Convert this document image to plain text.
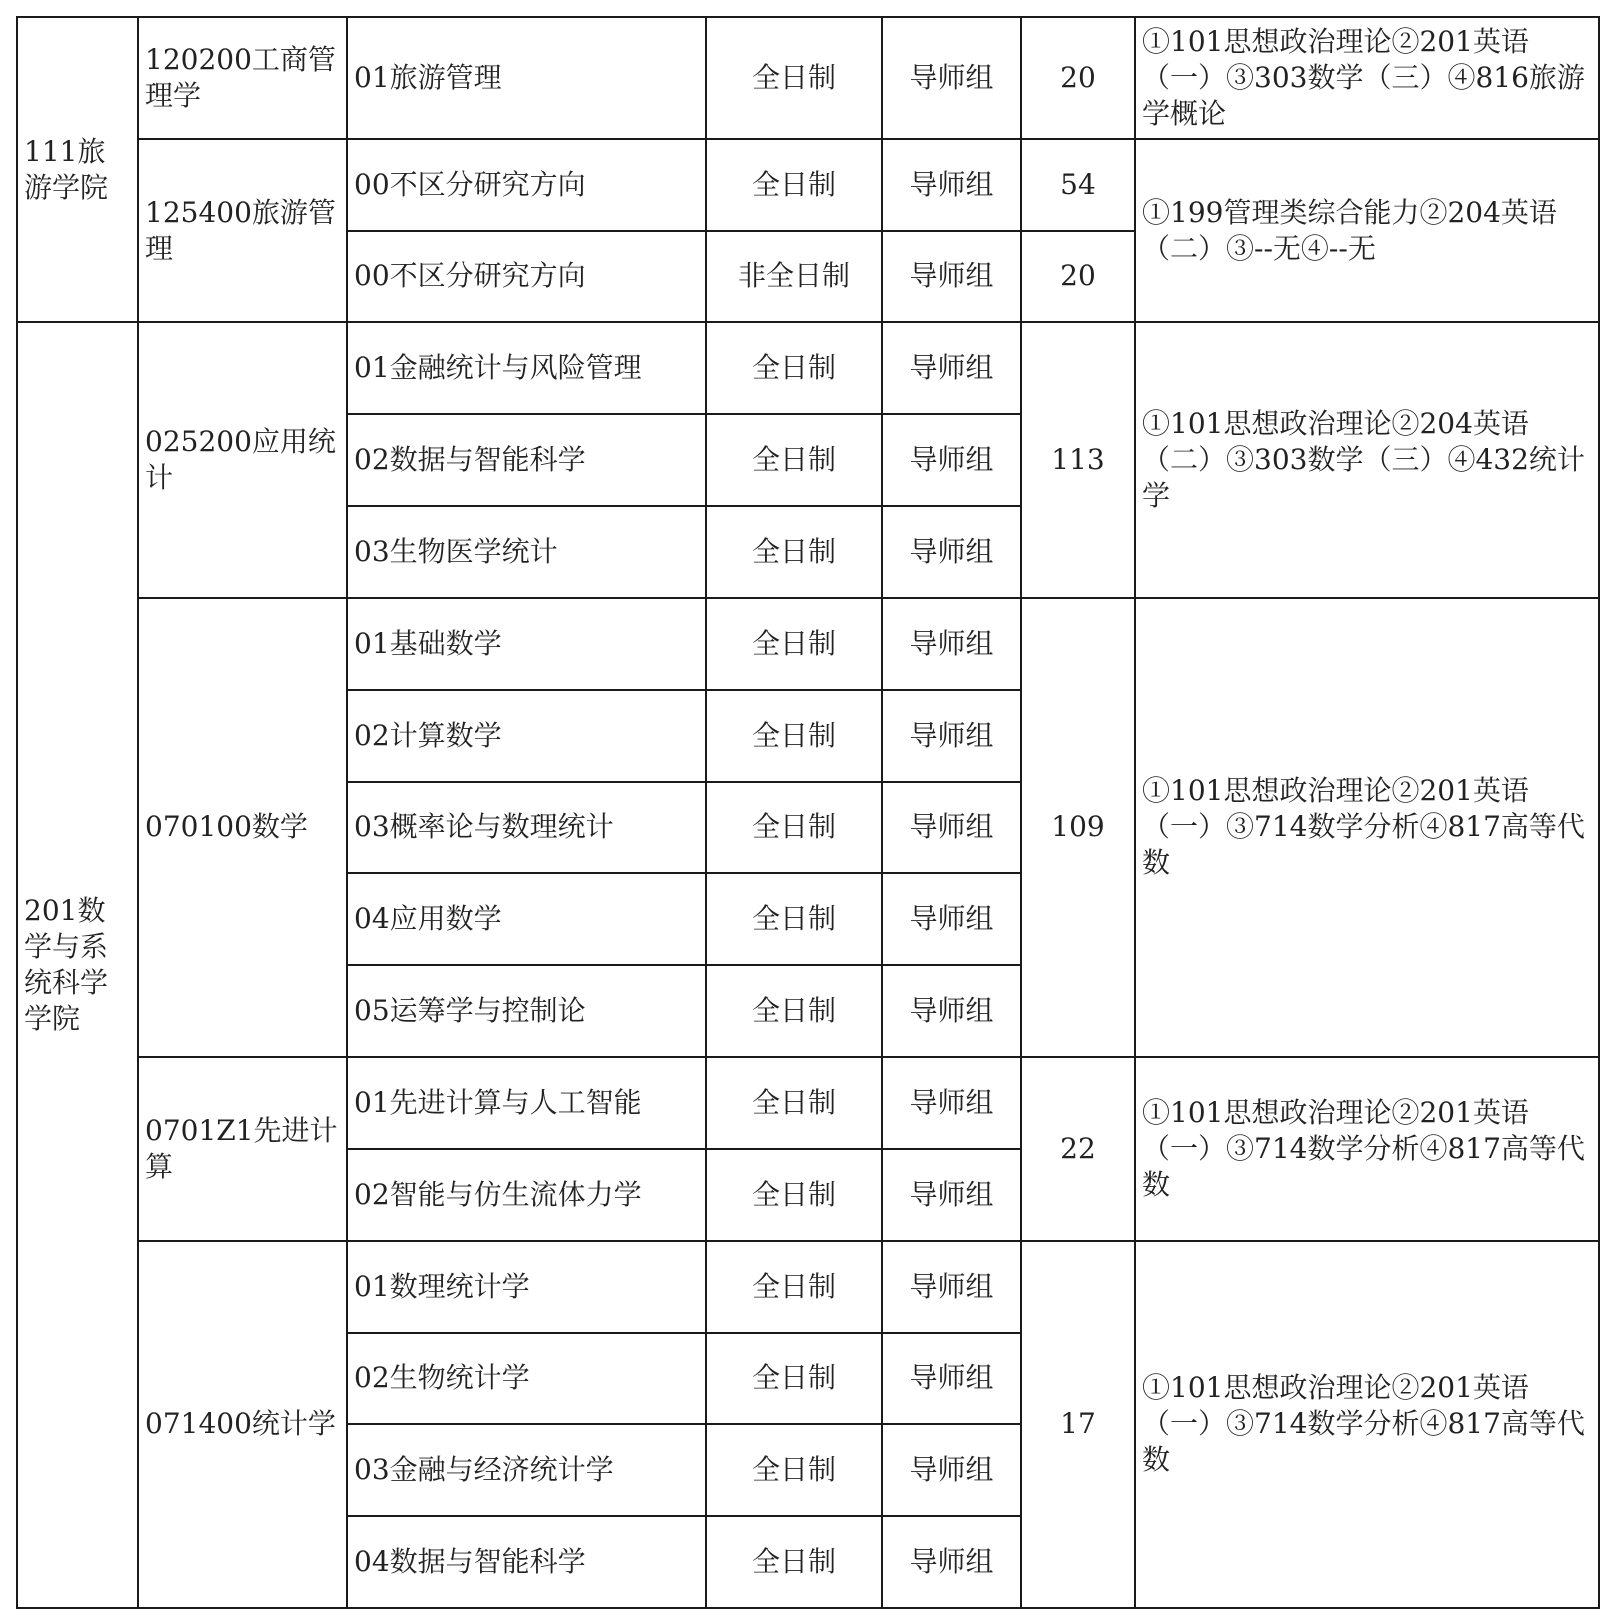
111旅游学院	120200工商管理学	01旅游管理	全日制	导师组	20	①101思想政治理论②201英语（一）③303数学（三）④816旅游学概论
	125400旅游管理	00不区分研究方向	全日制	导师组	54	①199管理类综合能力②204英语（二）③--无④--无
		00不区分研究方向	非全日制	导师组	20	
201数学与系统科学学院	025200应用统计	01金融统计与风险管理	全日制	导师组	113	①101思想政治理论②204英语（二）③303数学（三）④432统计学
		02数据与智能科学	全日制	导师组		
		03生物医学统计	全日制	导师组		
	070100数学	01基础数学	全日制	导师组	109	①101思想政治理论②201英语（一）③714数学分析④817高等代数
		02计算数学	全日制	导师组		
		03概率论与数理统计	全日制	导师组		
		04应用数学	全日制	导师组		
		05运筹学与控制论	全日制	导师组		
	0701Z1先进计算	01先进计算与人工智能	全日制	导师组	22	①101思想政治理论②201英语（一）③714数学分析④817高等代数
		02智能与仿生流体力学	全日制	导师组		
	071400统计学	01数理统计学	全日制	导师组	17	①101思想政治理论②201英语（一）③714数学分析④817高等代数
		02生物统计学	全日制	导师组		
		03金融与经济统计学	全日制	导师组		
		04数据与智能科学	全日制	导师组		
